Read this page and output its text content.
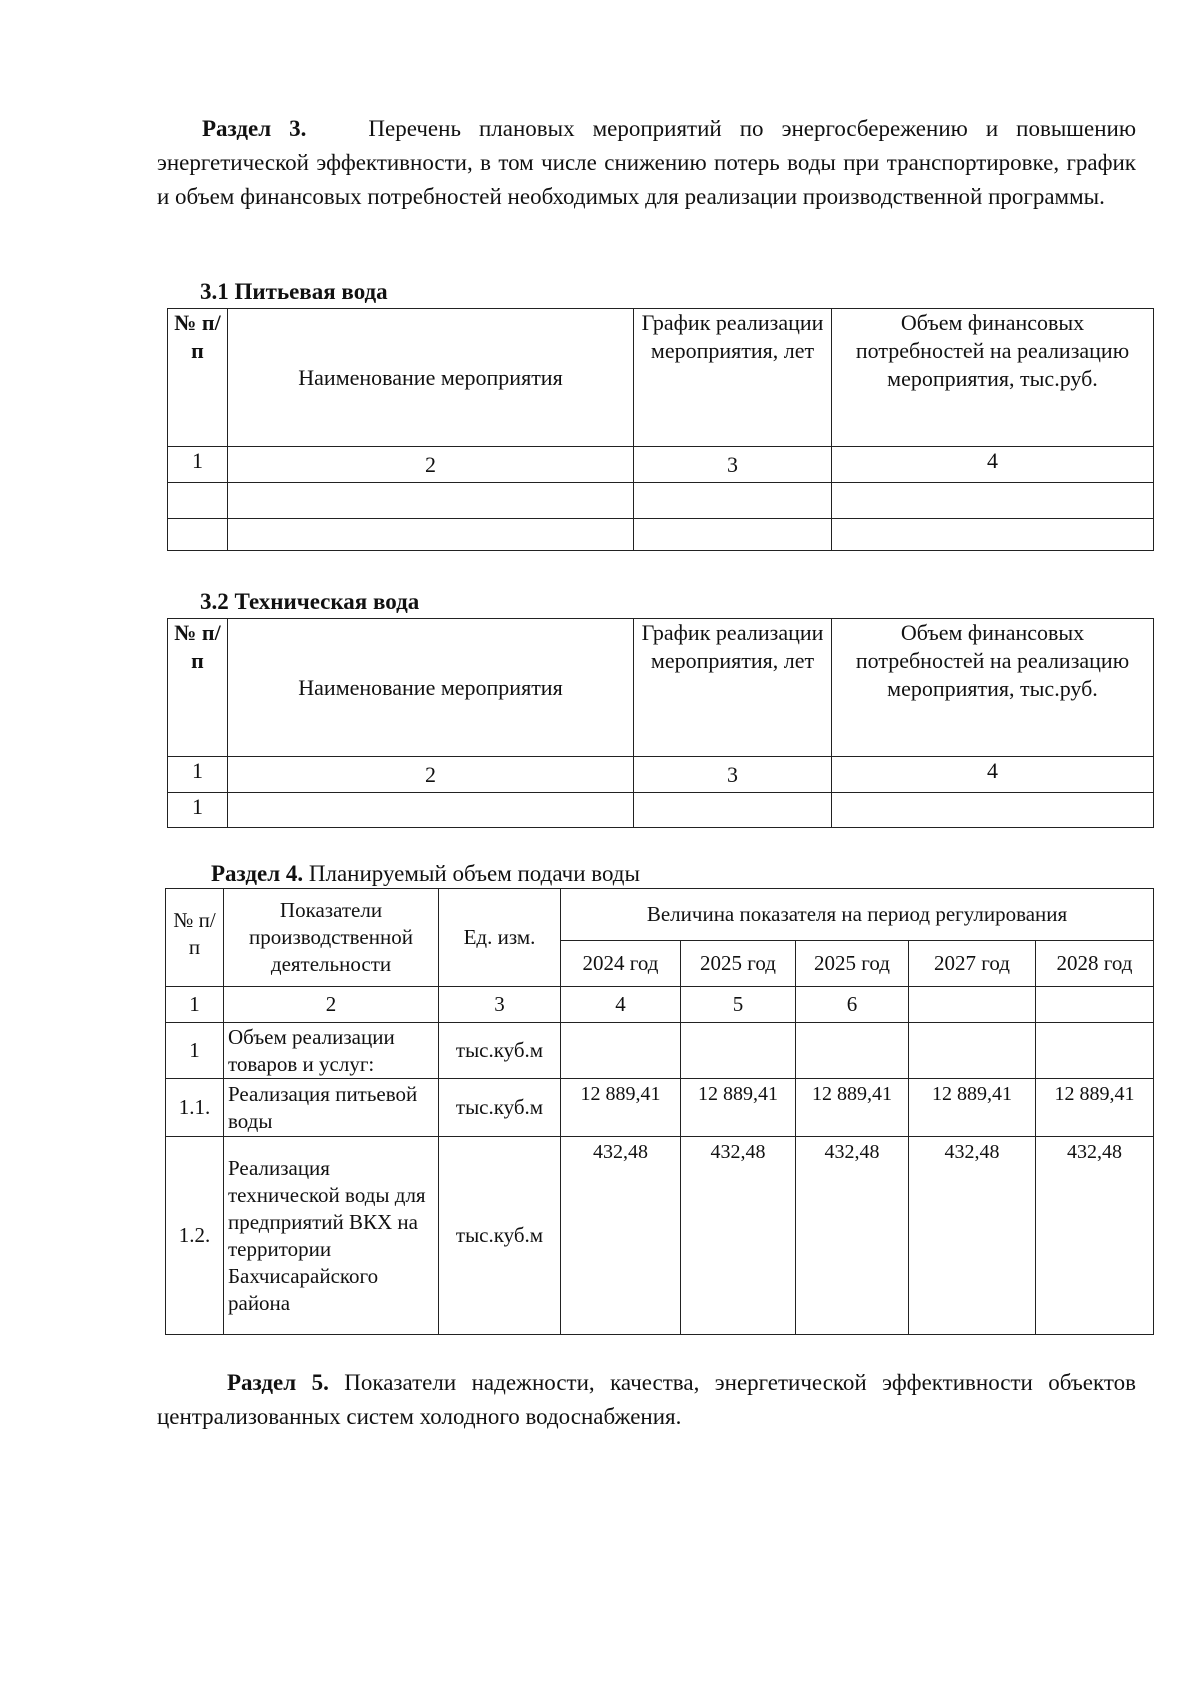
Раздел 3.	Перечень плановых мероприятий по энергосбережению и повышению энергетической эффективности, в том числе снижению потерь воды при транспортировке, график и объем финансовых потребностей необходимых для реализации производственной программы.
3.1 Питьевая вода
№ п/п	Наименование мероприятия	График реализации мероприятия, лет	Объем финансовых потребностей на реализацию мероприятия, тыс.руб.
1	2	3	4

3.2 Техническая вода
№ п/п	Наименование мероприятия	График реализации мероприятия, лет	Объем финансовых потребностей на реализацию мероприятия, тыс.руб.
1	2	3	4
1			
Раздел 4. Планируемый объем подачи воды
№ п/п	Показатели производственной деятельности	Ед. изм.	Величина показателя на период регулирования				
			2024 год	2025 год	2025 год	2027 год	2028 год
1	2	3	4	5	6		
1	Объем реализации товаров и услуг:	тыс.куб.м					
1.1.	Реализация питьевой воды	тыс.куб.м	12 889,41	12 889,41	12 889,41	12 889,41	12 889,41
1.2.	Реализация технической воды для предприятий ВКХ на территории Бахчисарайского района	тыс.куб.м	432,48	432,48	432,48	432,48	432,48
Раздел 5. Показатели надежности, качества, энергетической эффективности объектов централизованных систем холодного водоснабжения.
